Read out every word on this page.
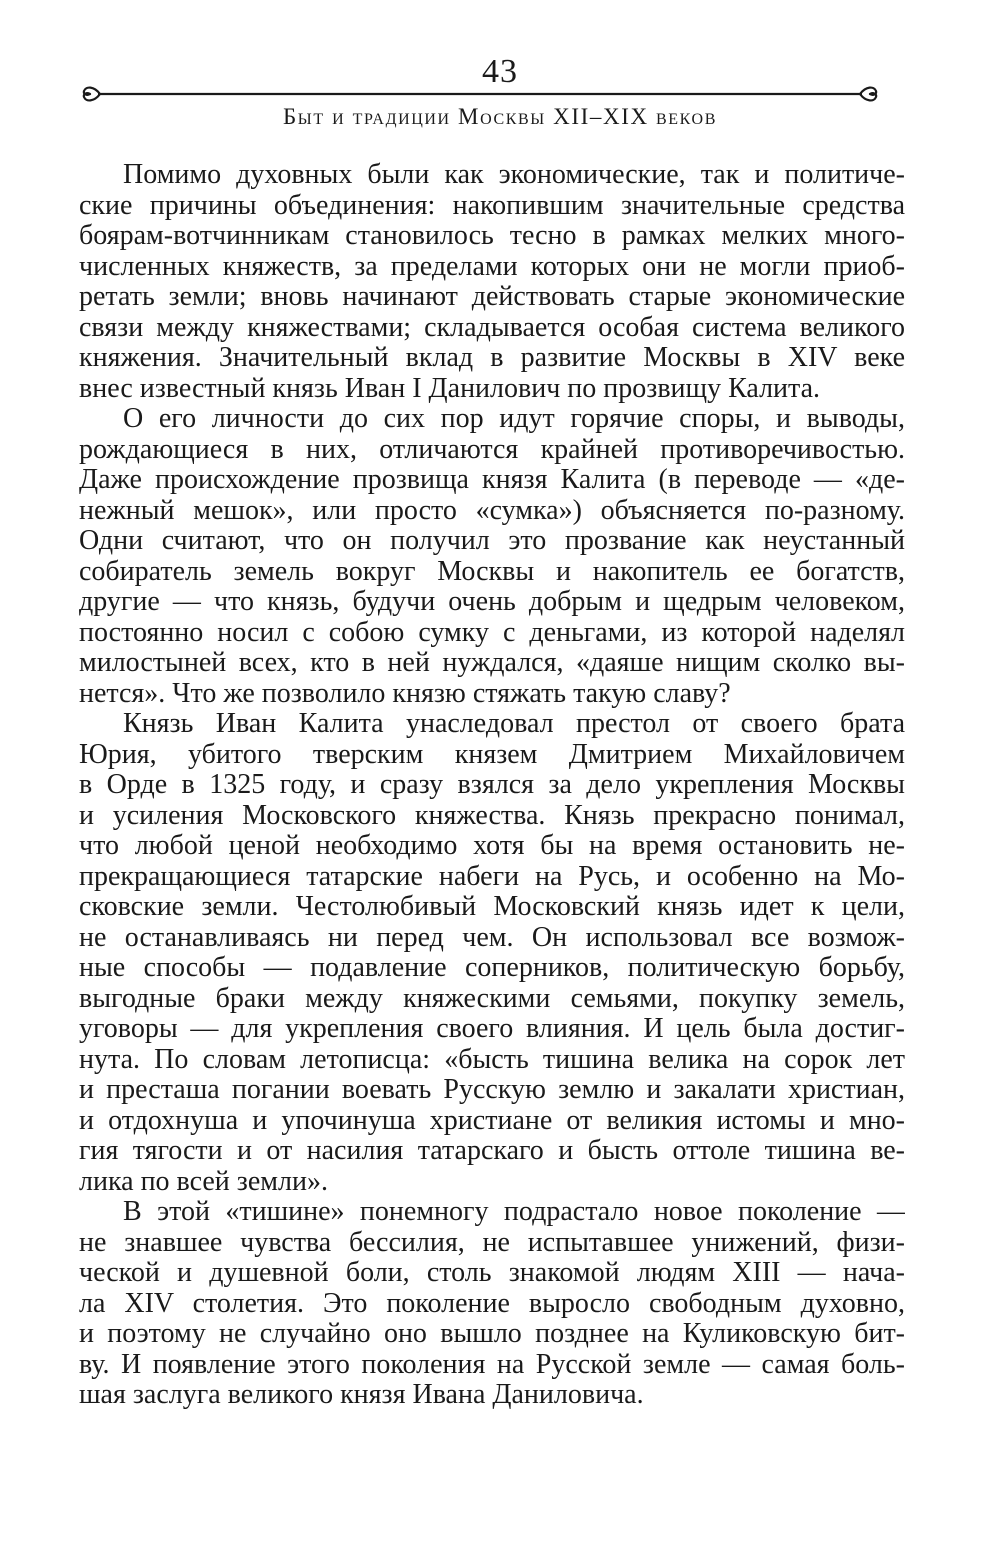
43
Быт и традиции Москвы XII–XIX веков
Помимо духовных были как экономические, так и политиче-
ские причины объединения: накопившим значительные средства
боярам-вотчинникам становилось тесно в рамках мелких много-
численных княжеств, за пределами которых они не могли приоб-
ретать земли; вновь начинают действовать старые экономические
связи между княжествами; складывается особая система великого
княжения. Значительный вклад в развитие Москвы в XIV веке
внес известный князь Иван I Данилович по прозвищу Калита.
О его личности до сих пор идут горячие споры, и выводы,
рождающиеся в них, отличаются крайней противоречивостью.
Даже происхождение прозвища князя Калита (в переводе — «де-
нежный мешок», или просто «сумка») объясняется по-разному.
Одни считают, что он получил это прозвание как неустанный
собиратель земель вокруг Москвы и накопитель ее богатств,
другие — что князь, будучи очень добрым и щедрым человеком,
постоянно носил с собою сумку с деньгами, из которой наделял
милостыней всех, кто в ней нуждался, «даяше нищим сколко вы-
нется». Что же позволило князю стяжать такую славу?
Князь Иван Калита унаследовал престол от своего брата
Юрия, убитого тверским князем Дмитрием Михайловичем
в Орде в 1325 году, и сразу взялся за дело укрепления Москвы
и усиления Московского княжества. Князь прекрасно понимал,
что любой ценой необходимо хотя бы на время остановить не-
прекращающиеся татарские набеги на Русь, и особенно на Мо-
сковские земли. Честолюбивый Московский князь идет к цели,
не останавливаясь ни перед чем. Он использовал все возмож-
ные способы — подавление соперников, политическую борьбу,
выгодные браки между княжескими семьями, покупку земель,
уговоры — для укрепления своего влияния. И цель была достиг-
нута. По словам летописца: «бысть тишина велика на сорок лет
и престаша погании воевать Русскую землю и закалати христиан,
и отдохнуша и упочинуша христиане от великия истомы и мно-
гия тягости и от насилия татарскаго и бысть оттоле тишина ве-
лика по всей земли».
В этой «тишине» понемногу подрастало новое поколение —
не знавшее чувства бессилия, не испытавшее унижений, физи-
ческой и душевной боли, столь знакомой людям XIII — нача-
ла XIV столетия. Это поколение выросло свободным духовно,
и поэтому не случайно оно вышло позднее на Куликовскую бит-
ву. И появление этого поколения на Русской земле — самая боль-
шая заслуга великого князя Ивана Даниловича.
